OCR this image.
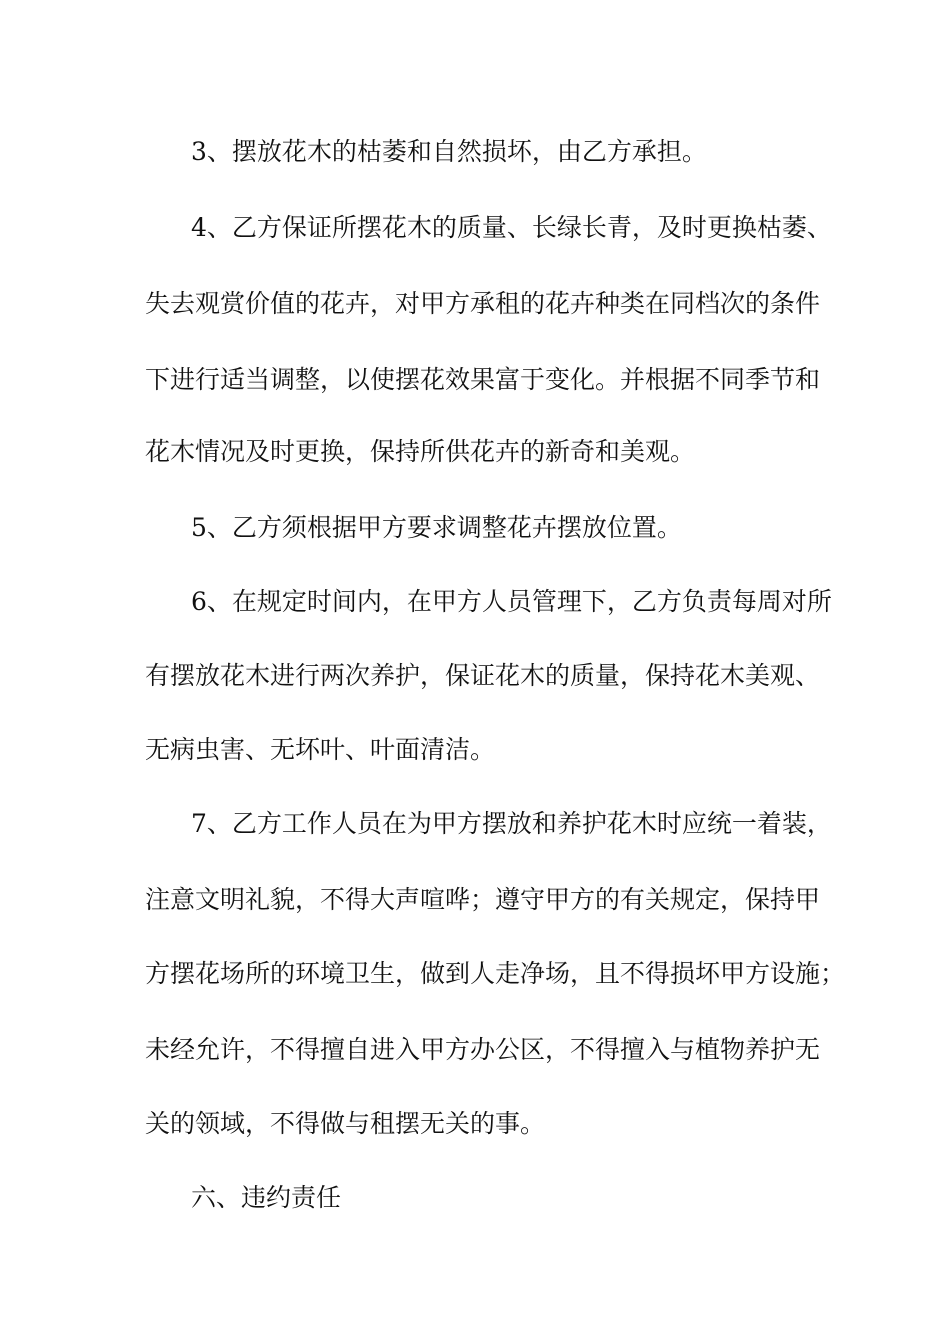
3、摆放花木的枯萎和自然损坏，由乙方承担。
4、乙方保证所摆花木的质量、长绿长青，及时更换枯萎、
失去观赏价值的花卉，对甲方承租的花卉种类在同档次的条件
下进行适当调整，以使摆花效果富于变化。并根据不同季节和
花木情况及时更换，保持所供花卉的新奇和美观。
5、乙方须根据甲方要求调整花卉摆放位置。
6、在规定时间内，在甲方人员管理下，乙方负责每周对所
有摆放花木进行两次养护，保证花木的质量，保持花木美观、
无病虫害、无坏叶、叶面清洁。
7、乙方工作人员在为甲方摆放和养护花木时应统一着装，
注意文明礼貌，不得大声喧哗；遵守甲方的有关规定，保持甲
方摆花场所的环境卫生，做到人走净场，且不得损坏甲方设施；
未经允许，不得擅自进入甲方办公区，不得擅入与植物养护无
关的领域，不得做与租摆无关的事。
六、违约责任
